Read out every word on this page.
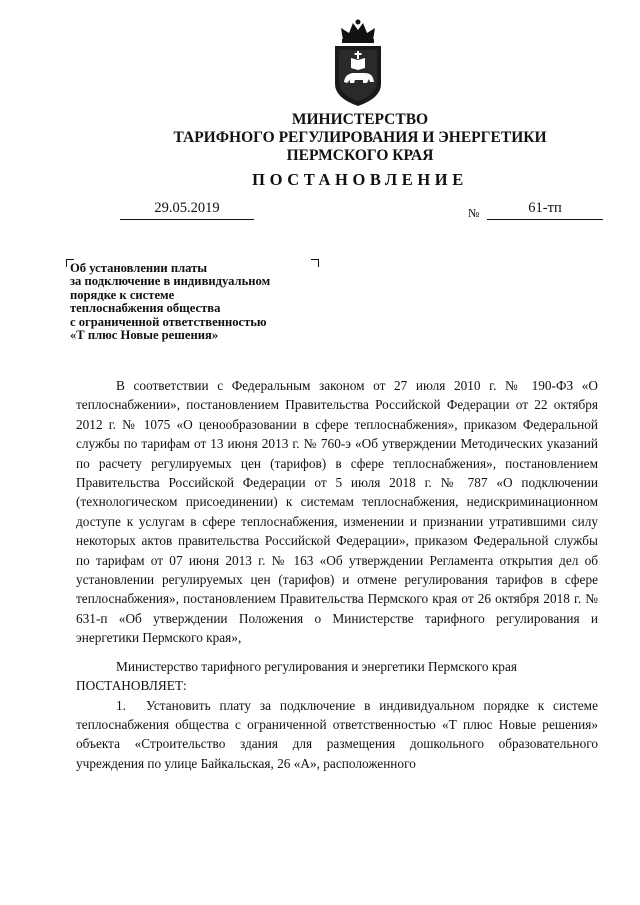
МИНИСТЕРСТВО
ТАРИФНОГО РЕГУЛИРОВАНИЯ И ЭНЕРГЕТИКИ
ПЕРМСКОГО КРАЯ
ПОСТАНОВЛЕНИЕ
29.05.2019	№	61-тп
Об установлении платы
за подключение в индивидуальном
порядке к системе
теплоснабжения общества
с ограниченной ответственностью
«Т плюс Новые решения»

В соответствии с Федеральным законом от 27 июля 2010 г. № 190-ФЗ «О теплоснабжении», постановлением Правительства Российской Федерации от 22 октября 2012 г. № 1075 «О ценообразовании в сфере теплоснабжения», приказом Федеральной службы по тарифам от 13 июня 2013 г. № 760-э «Об утверждении Методических указаний по расчету регулируемых цен (тарифов) в сфере теплоснабжения», постановлением Правительства Российской Федерации от 5 июля 2018 г. № 787 «О подключении (технологическом присоединении) к системам теплоснабжения, недискриминационном доступе к услугам в сфере теплоснабжения, изменении и признании утратившими силу некоторых актов правительства Российской Федерации», приказом Федеральной службы по тарифам от 07 июня 2013 г. № 163 «Об утверждении Регламента открытия дел об установлении регулируемых цен (тарифов) и отмене регулирования тарифов в сфере теплоснабжения», постановлением Правительства Пермского края от 26 октября 2018 г. № 631-п «Об утверждении Положения о Министерстве тарифного регулирования и энергетики Пермского края»,

Министерство тарифного регулирования и энергетики Пермского края

ПОСТАНОВЛЯЕТ:

1. Установить плату за подключение в индивидуальном порядке к системе теплоснабжения общества с ограниченной ответственностью «Т плюс Новые решения» объекта «Строительство здания для размещения дошкольного образовательного учреждения по улице Байкальская, 26 «А», расположенного
